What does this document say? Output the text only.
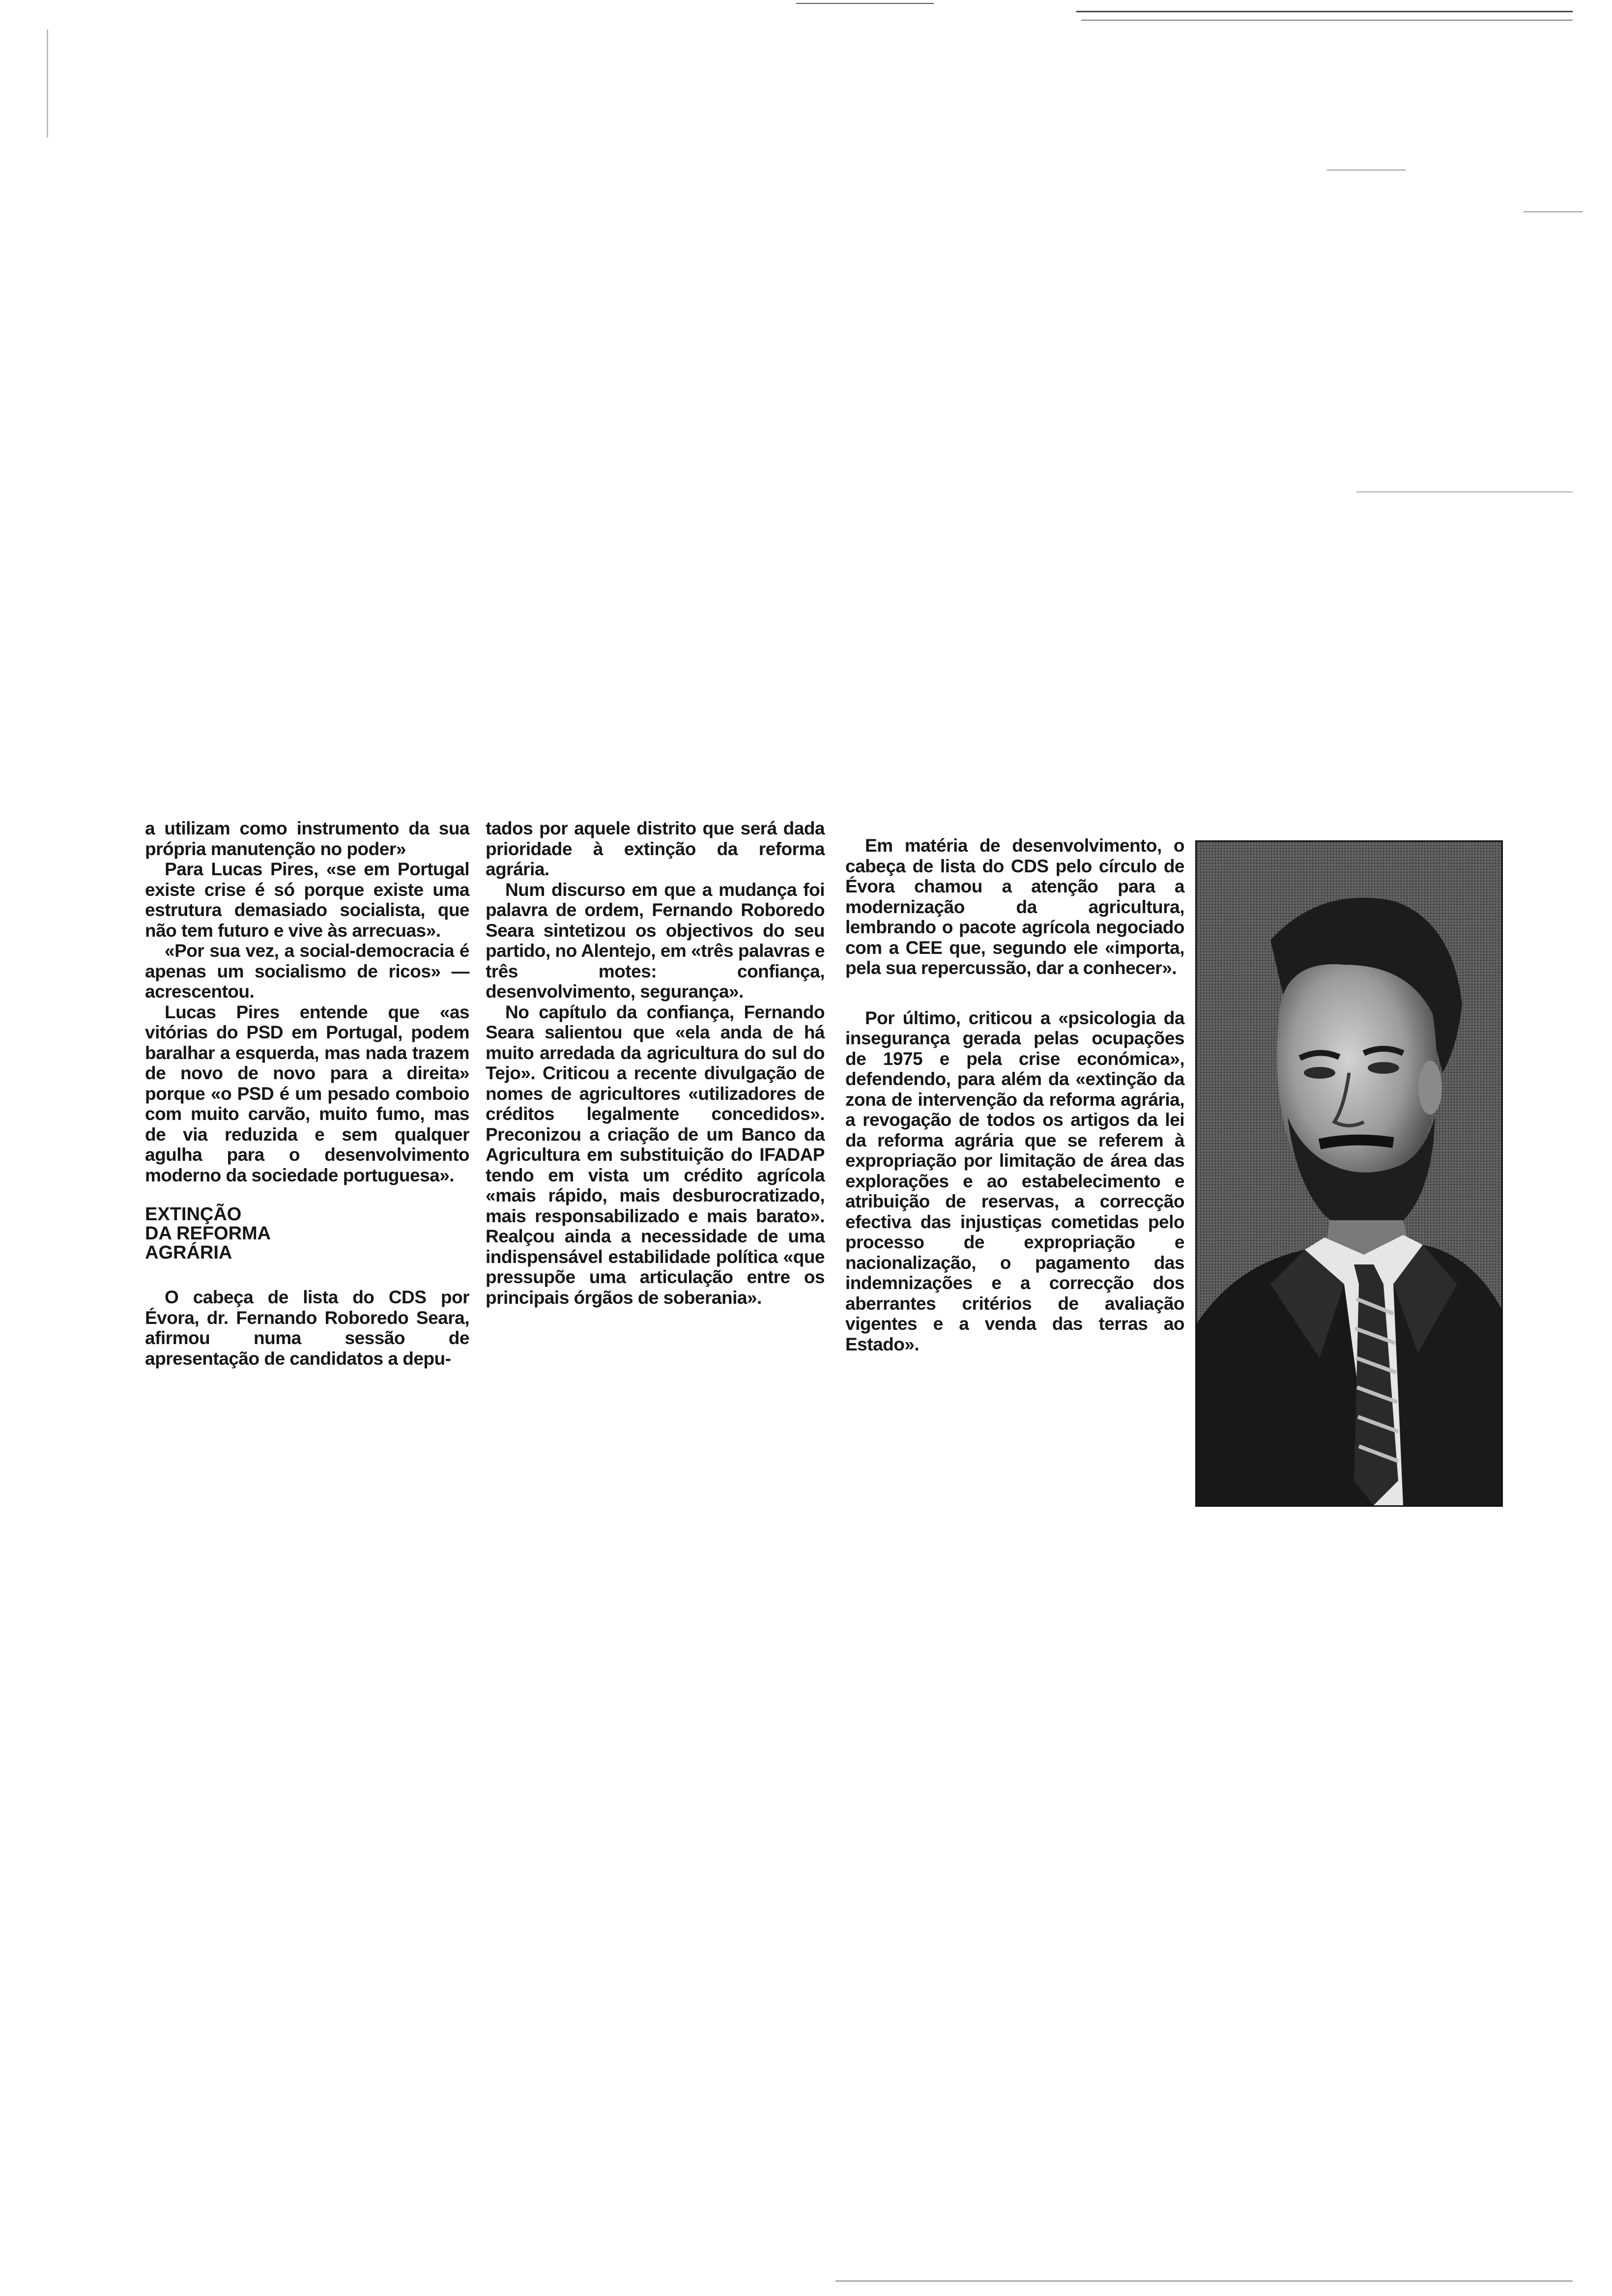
a utilizam como instrumento da sua própria manutenção no poder»

Para Lucas Pires, «se em Portugal existe crise é só porque existe uma estrutura demasiado socialista, que não tem futuro e vive às arrecuas».

«Por sua vez, a social-democracia é apenas um socialismo de ricos» — acrescentou.

Lucas Pires entende que «as vitórias do PSD em Portugal, podem baralhar a esquerda, mas nada trazem de novo de novo para a direita» porque «o PSD é um pesado comboio com muito carvão, muito fumo, mas de via reduzida e sem qualquer agulha para o desenvolvimento moderno da sociedade portuguesa».

EXTINÇÃO
DA REFORMA
AGRÁRIA

O cabeça de lista do CDS por Évora, dr. Fernando Roboredo Seara, afirmou numa sessão de apresentação de candidatos a depu-

tados por aquele distrito que será dada prioridade à extinção da reforma agrária.

Num discurso em que a mudança foi palavra de ordem, Fernando Roboredo Seara sintetizou os objectivos do seu partido, no Alentejo, em «três palavras e três motes: confiança, desenvolvimento, segurança».

No capítulo da confiança, Fernando Seara salientou que «ela anda de há muito arredada da agricultura do sul do Tejo». Criticou a recente divulgação de nomes de agricultores «utilizadores de créditos legalmente concedidos». Preconizou a criação de um Banco da Agricultura em substituição do IFADAP tendo em vista um crédito agrícola «mais rápido, mais desburocratizado, mais responsabilizado e mais barato». Realçou ainda a necessidade de uma indispensável estabilidade política «que pressupõe uma articulação entre os principais órgãos de soberania».

Em matéria de desenvolvimento, o cabeça de lista do CDS pelo círculo de Évora chamou a atenção para a modernização da agricultura, lembrando o pacote agrícola negociado com a CEE que, segundo ele «importa, pela sua repercussão, dar a conhecer».

Por último, criticou a «psicologia da insegurança gerada pelas ocupações de 1975 e pela crise económica», defendendo, para além da «extinção da zona de intervenção da reforma agrária, a revogação de todos os artigos da lei da reforma agrária que se referem à expropriação por limitação de área das explorações e ao estabelecimento e atribuição de reservas, a correcção efectiva das injustiças cometidas pelo processo de expropriação e nacionalização, o pagamento das indemnizações e a correcção dos aberrantes critérios de avaliação vigentes e a venda das terras ao Estado».
